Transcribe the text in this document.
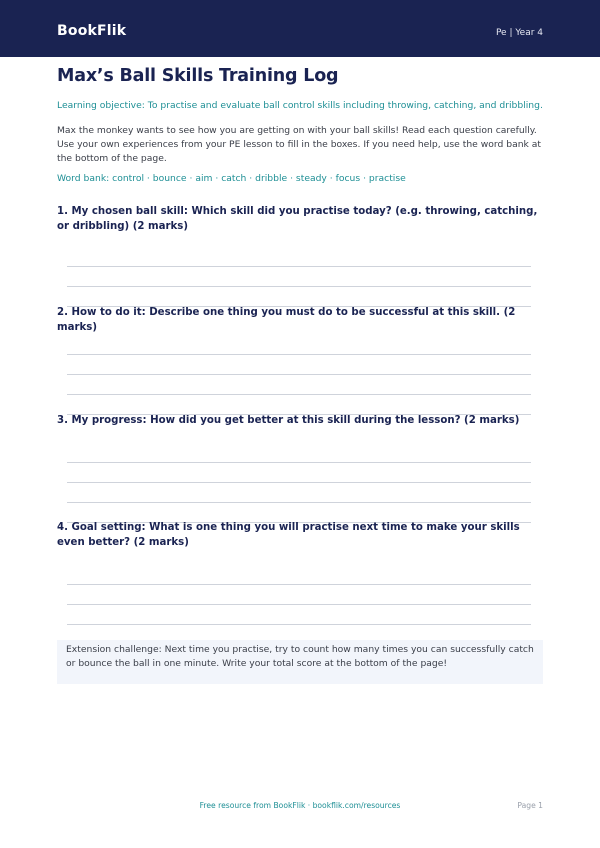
BookFlik	Pe | Year 4
Max’s Ball Skills Training Log
Learning objective: To practise and evaluate ball control skills including throwing, catching, and dribbling.
Max the monkey wants to see how you are getting on with your ball skills! Read each question carefully. Use your own experiences from your PE lesson to fill in the boxes. If you need help, use the word bank at the bottom of the page.
Word bank: control · bounce · aim · catch · dribble · steady · focus · practise
1. My chosen ball skill: Which skill did you practise today? (e.g. throwing, catching, or dribbling) (2 marks)
2. How to do it: Describe one thing you must do to be successful at this skill. (2 marks)
3. My progress: How did you get better at this skill during the lesson? (2 marks)
4. Goal setting: What is one thing you will practise next time to make your skills even better? (2 marks)
Extension challenge: Next time you practise, try to count how many times you can successfully catch or bounce the ball in one minute. Write your total score at the bottom of the page!
Free resource from BookFlik · bookflik.com/resources	Page 1
